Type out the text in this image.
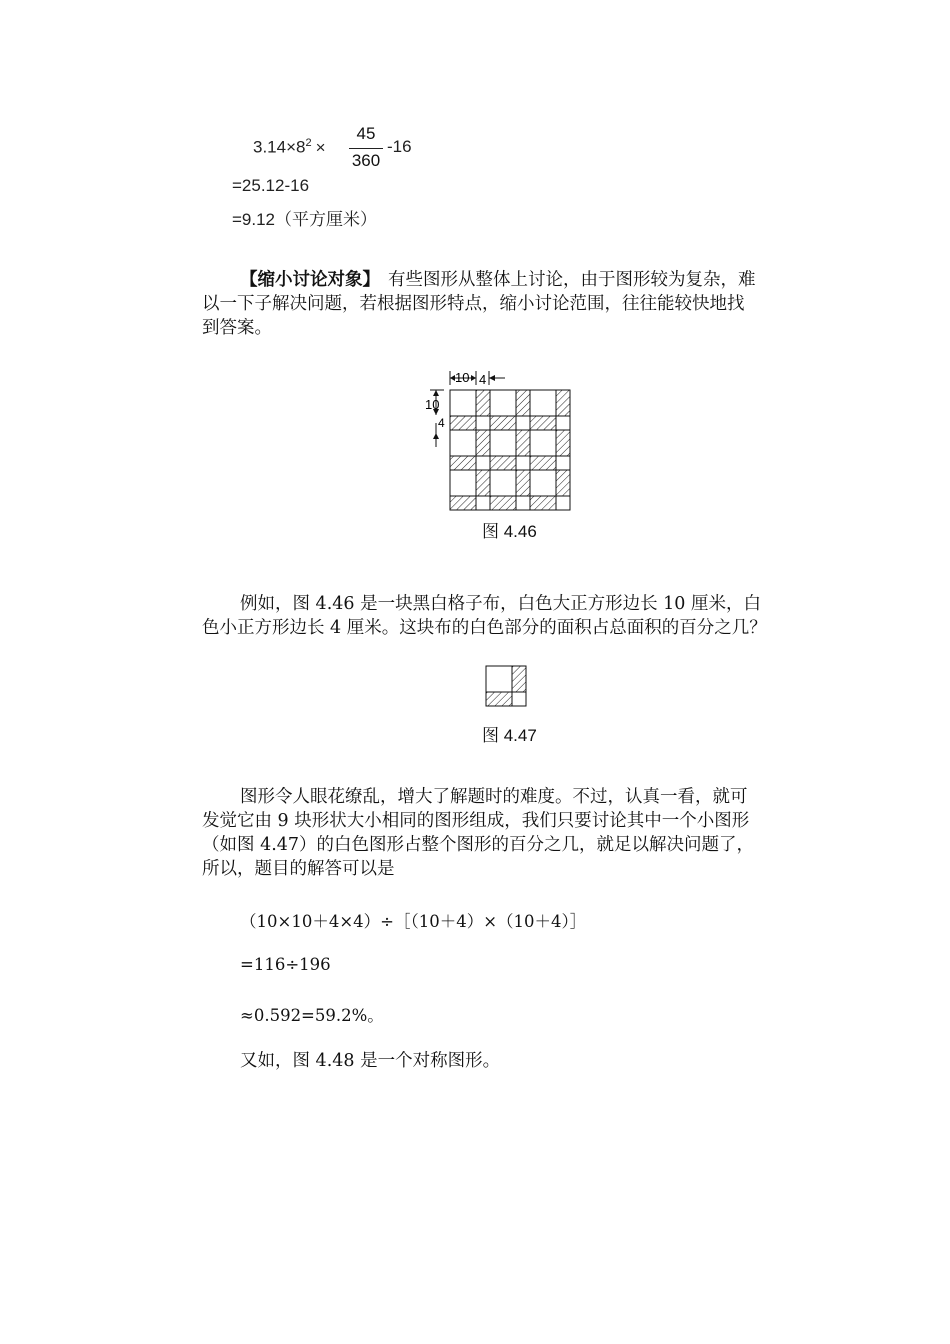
$3.14\times 8^2$ ×
45
360
-16
=25.12-16
=9.12（平方厘米）
【缩小讨论对象】 有些图形从整体上讨论，由于图形较为复杂，难
以一下子解决问题，若根据图形特点，缩小讨论范围，往往能较快地找
到答案。
10 4
10
4
图 4.46
例如，图 4.46 是一块黑白格子布，白色大正方形边长 10 厘米，白
色小正方形边长 4 厘米。这块布的白色部分的面积占总面积的百分之几？
图 4.47
图形令人眼花缭乱，增大了解题时的难度。不过，认真一看，就可
发觉它由 9 块形状大小相同的图形组成，我们只要讨论其中一个小图形
（如图 4.47）的白色图形占整个图形的百分之几，就足以解决问题了，
所以，题目的解答可以是
（10×10＋4×4）÷［（10＋4）×（10＋4）］
=116÷196
≈0.592=59.2%。
又如，图 4.48 是一个对称图形。
